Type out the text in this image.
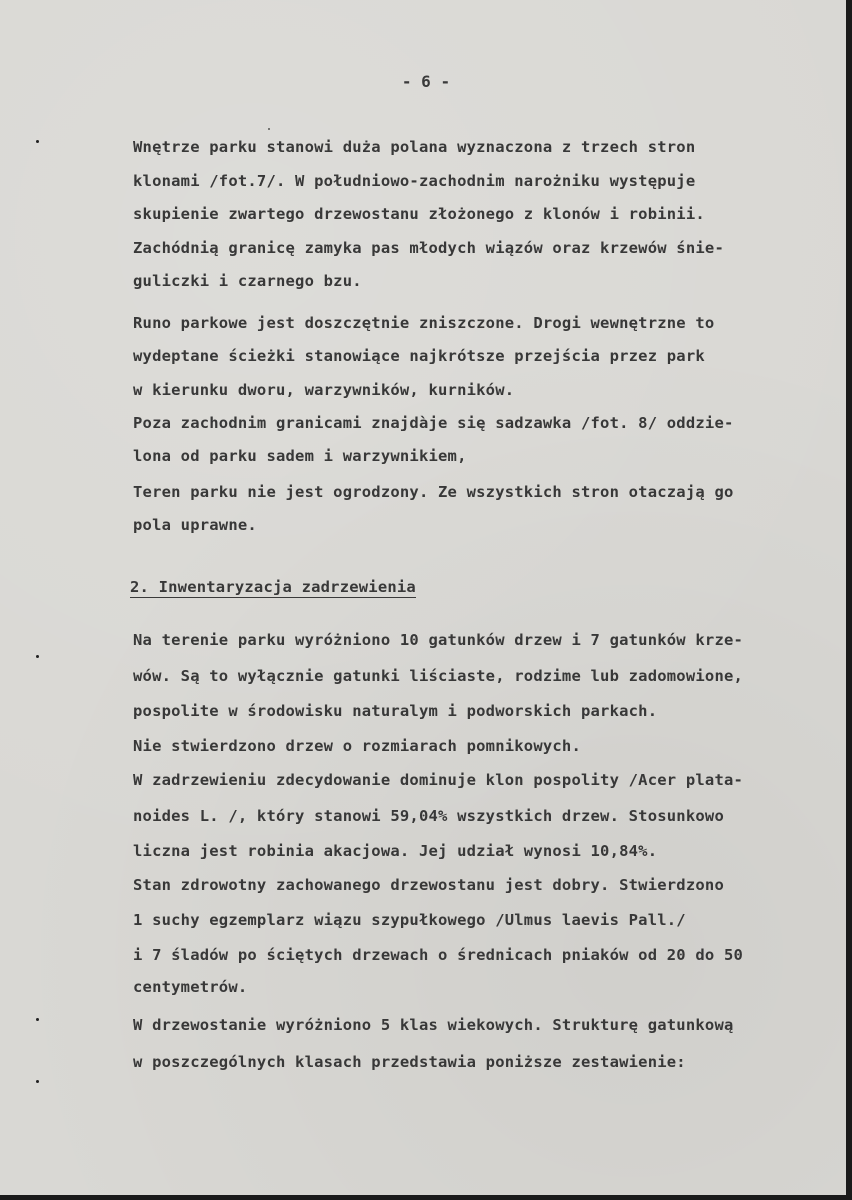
- 6 -
Wnętrze parku stanowi duża polana wyznaczona z trzech stron
klonami /fot.7/. W południowo-zachodnim narożniku występuje
skupienie zwartego drzewostanu złożonego z klonów i robinii.
Zachódnią granicę zamyka pas młodych wiązów oraz krzewów śnie-
guliczki i czarnego bzu.
Runo parkowe jest doszczętnie zniszczone. Drogi wewnętrzne to
wydeptane ścieżki stanowiące najkrótsze przejścia przez park
w kierunku dworu, warzywników, kurników.
Poza zachodnim granicami znajdàje się sadzawka /fot. 8/ oddzie-
lona od parku sadem i warzywnikiem,
Teren parku nie jest ogrodzony. Ze wszystkich stron otaczają go
pola uprawne.
2. Inwentaryzacja zadrzewienia
Na terenie parku wyróżniono 10 gatunków drzew i 7 gatunków krze-
wów. Są to wyłącznie gatunki liściaste, rodzime lub zadomowione,
pospolite w środowisku naturalym i podworskich parkach.
Nie stwierdzono drzew o rozmiarach pomnikowych.
W zadrzewieniu zdecydowanie dominuje klon pospolity /Acer plata-
noides L. /, który stanowi 59,04% wszystkich drzew. Stosunkowo
liczna jest robinia akacjowa. Jej udział wynosi 10,84%.
Stan zdrowotny zachowanego drzewostanu jest dobry. Stwierdzono
1 suchy egzemplarz wiązu szypułkowego /Ulmus laevis Pall./
i 7 śladów po ściętych drzewach o średnicach pniaków od 20 do 50
centymetrów.
W drzewostanie wyróżniono 5 klas wiekowych. Strukturę gatunkową
w poszczególnych klasach przedstawia poniższe zestawienie:
